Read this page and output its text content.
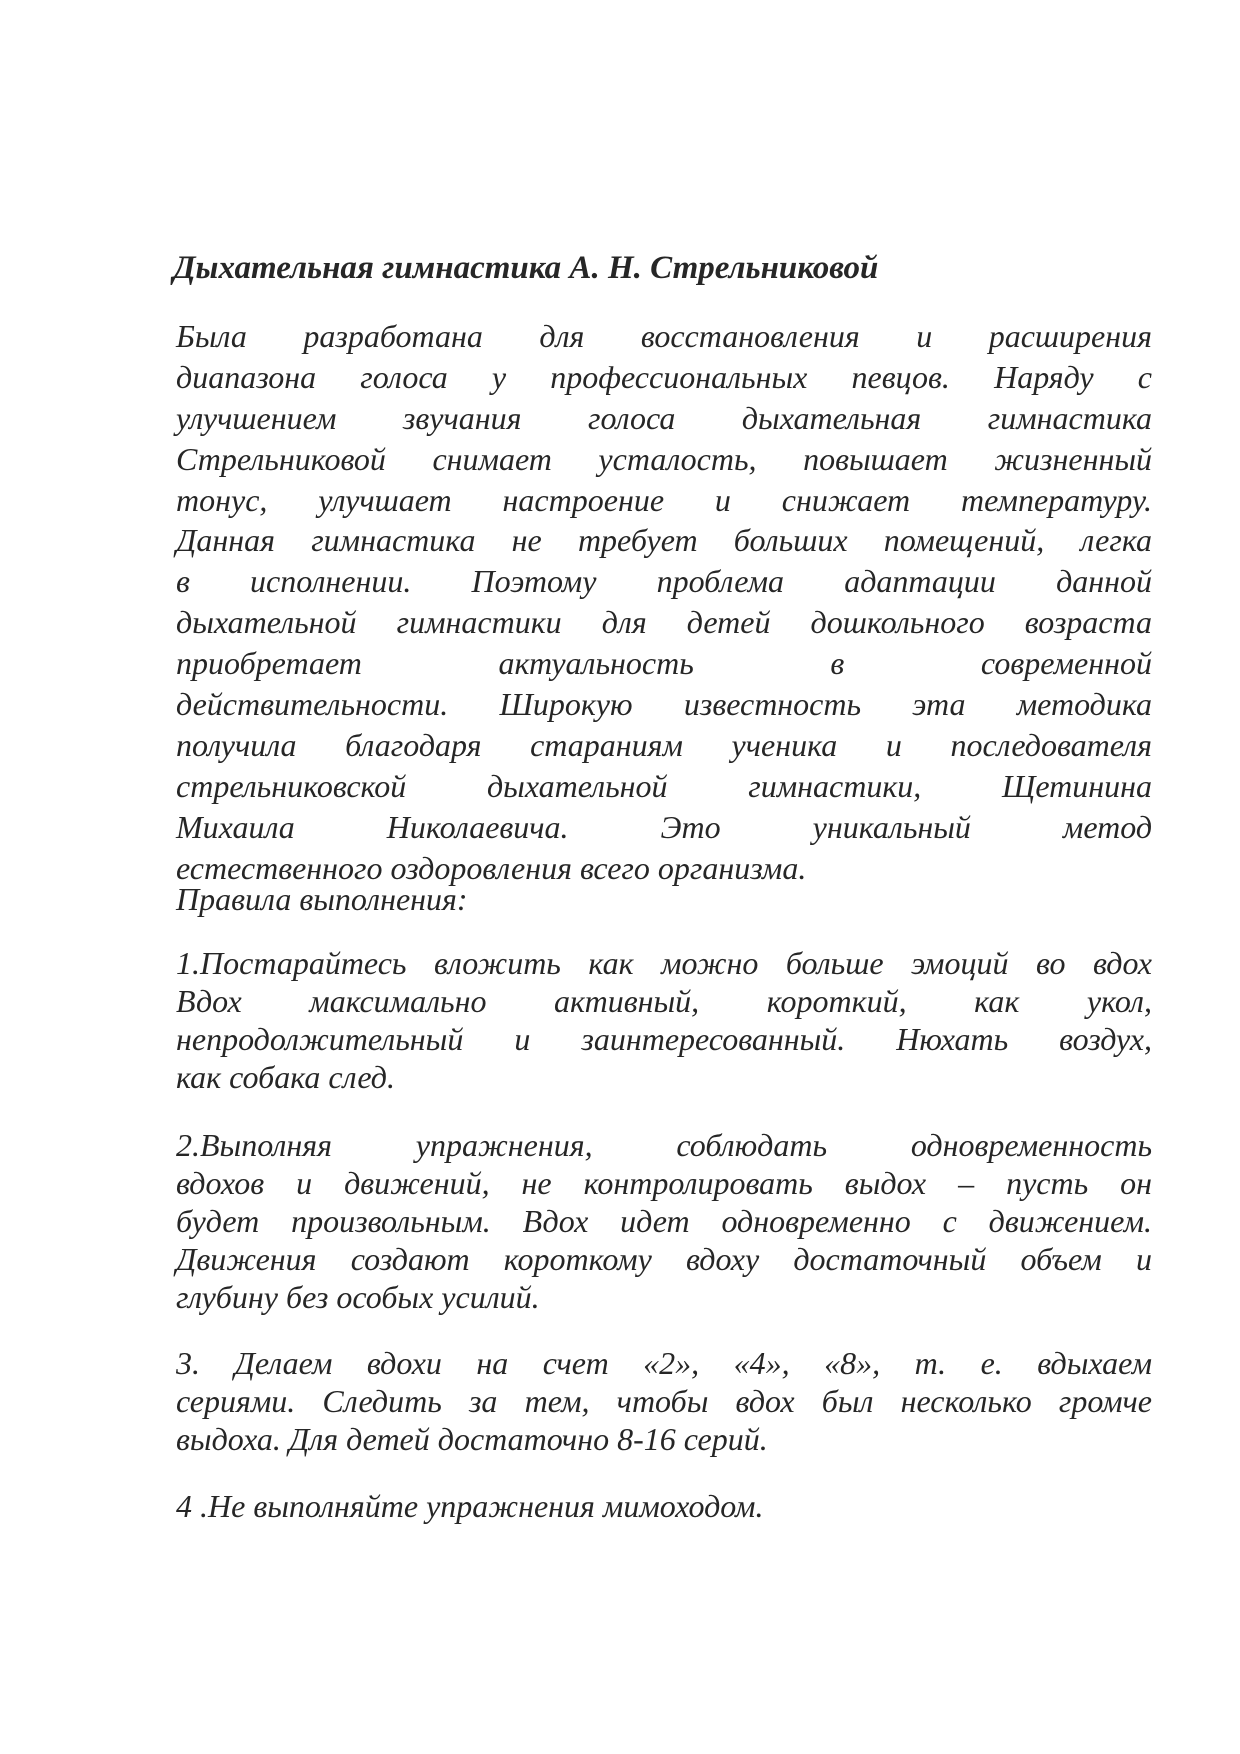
Дыхательная гимнастика А. Н. Стрельниковой
Была разработана для восстановления и расширения
диапазона голоса у профессиональных певцов. Наряду с
улучшением звучания голоса дыхательная гимнастика
Стрельниковой снимает усталость, повышает жизненный
тонус, улучшает настроение и снижает температуру.
Данная гимнастика не требует больших помещений, легка
в исполнении. Поэтому проблема адаптации данной
дыхательной гимнастики для детей дошкольного возраста
приобретает актуальность в современной
действительности. Широкую известность эта методика
получила благодаря стараниям ученика и последователя
стрельниковской дыхательной гимнастики, Щетинина
Михаила Николаевича. Это уникальный метод
естественного оздоровления всего организма.
Правила выполнения:
1.Постарайтесь вложить как можно больше эмоций во вдох
Вдох максимально активный, короткий, как укол,
непродолжительный и заинтересованный. Нюхать воздух,
как собака след.
2.Выполняя упражнения, соблюдать одновременность
вдохов и движений, не контролировать выдох – пусть он
будет произвольным. Вдох идет одновременно с движением.
Движения создают короткому вдоху достаточный объем и
глубину без особых усилий.
3. Делаем вдохи на счет «2», «4», «8», т. е. вдыхаем
сериями. Следить за тем, чтобы вдох был несколько громче
выдоха. Для детей достаточно 8-16 серий.
4 .Не выполняйте упражнения мимоходом.
